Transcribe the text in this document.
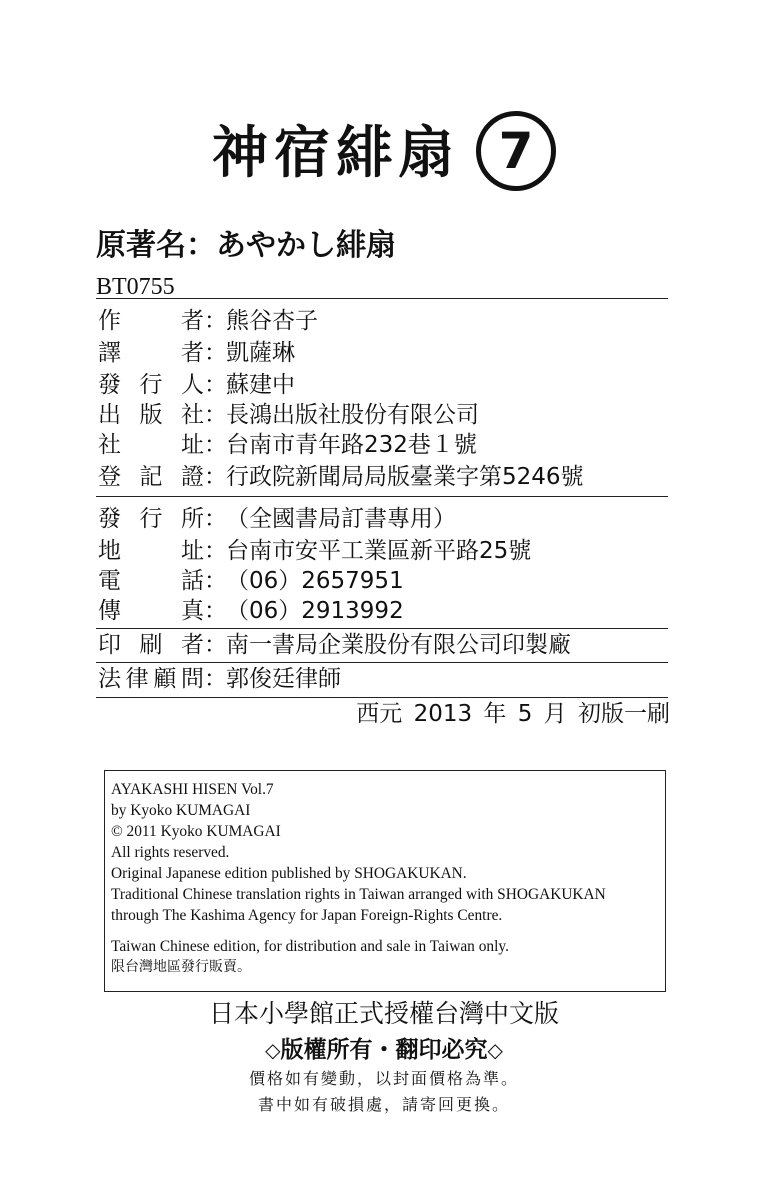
神宿緋扇 7
原著名：あやかし緋扇
BT0755
作者：熊谷杏子
譯者：凱薩琳
發行人：蘇建中
出版社：長鴻出版社股份有限公司
社址：台南市青年路232巷１號
登記證：行政院新聞局局版臺業字第5246號
發行所：（全國書局訂書專用）
地址：台南市安平工業區新平路25號
電話：（06）2657951
傳真：（06）2913992
印刷者：南一書局企業股份有限公司印製廠
法律顧問：郭俊廷律師
西元 2013 年 5 月 初版一刷
AYAKASHI HISEN Vol.7
by Kyoko KUMAGAI
© 2011 Kyoko KUMAGAI
All rights reserved.
Original Japanese edition published by SHOGAKUKAN.
Traditional Chinese translation rights in Taiwan arranged with SHOGAKUKAN
through The Kashima Agency for Japan Foreign-Rights Centre.
Taiwan Chinese edition, for distribution and sale in Taiwan only.
限台灣地區發行販賣。
日本小學館正式授權台灣中文版
◇版權所有・翻印必究◇
價格如有變動，以封面價格為準。
書中如有破損處，請寄回更換。
